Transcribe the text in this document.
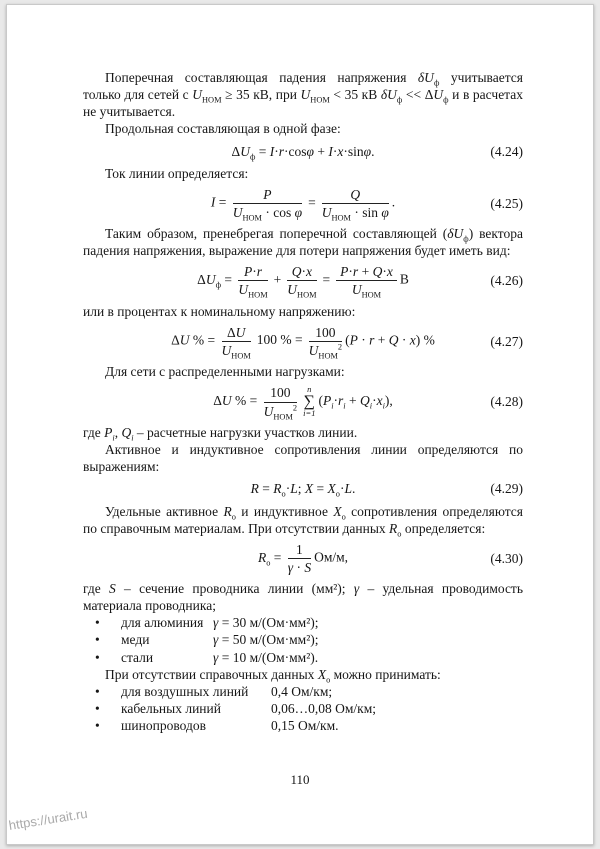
Поперечная составляющая падения напряжения $\delta U_ф$ учитывается только для сетей с $U_{НОМ} \ge 35$ кВ, при $U_{НОМ} < 35$ кВ $\delta U_ф << \Delta U_ф$ и в расчетах не учитывается.

Продольная составляющая в одной фазе:

$\Delta U_ф = I\cdot r\cdot\cos\varphi + I\cdot x\cdot\sin\varphi$.	(4.24)

Ток линии определяется:

$I = \frac{P}{U_{НОМ} \cdot \cos \varphi} = \frac{Q}{U_{НОМ} \cdot \sin \varphi}$ .	(4.25)

Таким образом, пренебрегая поперечной составляющей $(\delta U_ф)$ вектора падения напряжения, выражение для потери напряжения будет иметь вид:

$\Delta U_ф = \frac{P\cdot r}{U_{НОМ}} + \frac{Q\cdot x}{U_{НОМ}} = \frac{P\cdot r + Q\cdot x}{U_{НОМ}}$ В	(4.26)

или в процентах к номинальному напряжению:

ΔU % = $\frac{\Delta U}{U_{НОМ}} 100$ % = $\frac{100}{U_{НОМ}^2} (P \cdot r + Q \cdot x)$ %	(4.27)

Для сети с распределенными нагрузками:

ΔU % = $\frac{100}{U_{НОМ}^2}$ n
∑
i=1
$(P_i\cdot r_i + Q_i\cdot x_i)$,	(4.28)

где $P_i$, $Q_i$ – расчетные нагрузки участков линии.

Активное и индуктивное сопротивления линии определяются по выражениям:

$R = R_о\cdot L$; $X = X_о\cdot L$.	(4.29)

Удельные активное $R_о$ и индуктивное $X_о$ сопротивления определяются по справочным материалам. При отсутствии данных $R_о$ определяется:

$R_о = \frac{1}{\gamma \cdot S} Ом/м$,	(4.30)

где S – сечение проводника линии (мм²); γ – удельная проводимость материала проводника;

•	для алюминия γ = 30 м/(Ом·мм²);
•	меди	γ = 50 м/(Ом·мм²);
•	стали	γ = 10 м/(Ом·мм²).

При отсутствии справочных данных $Х_о$ можно принимать:

•	для воздушных линий	0,4 Ом/км;
•	кабельных линий	0,06…0,08 Ом/км;
•	шинопроводов	0,15 Ом/км.
110
https://urait.ru
